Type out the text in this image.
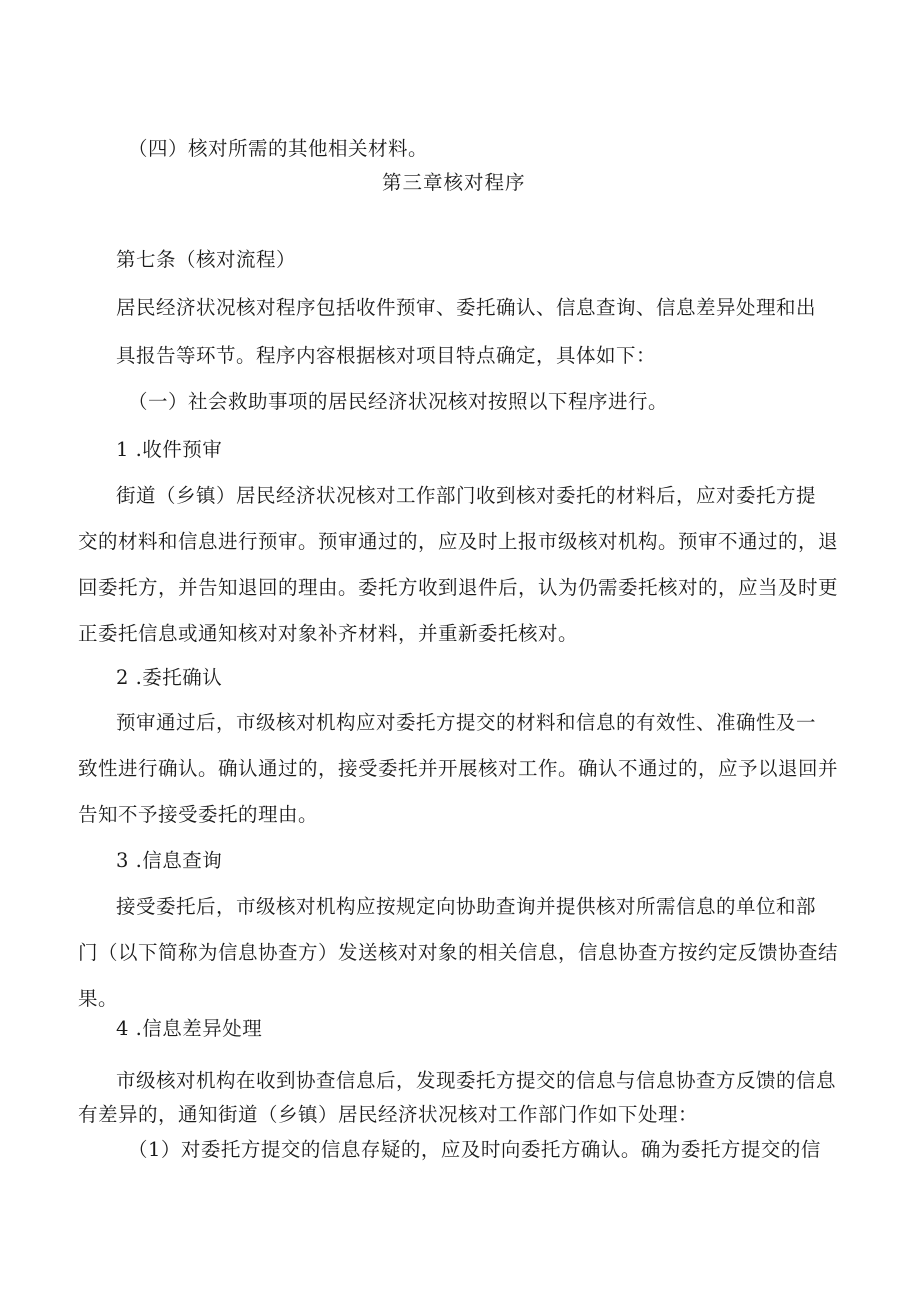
（四）核对所需的其他相关材料。
第三章核对程序
第七条（核对流程）
居民经济状况核对程序包括收件预审、委托确认、信息查询、信息差异处理和出
具报告等环节。程序内容根据核对项目特点确定，具体如下：
（一）社会救助事项的居民经济状况核对按照以下程序进行。
1 .收件预审
街道（乡镇）居民经济状况核对工作部门收到核对委托的材料后，应对委托方提
交的材料和信息进行预审。预审通过的，应及时上报市级核对机构。预审不通过的，退
回委托方，并告知退回的理由。委托方收到退件后，认为仍需委托核对的，应当及时更
正委托信息或通知核对对象补齐材料，并重新委托核对。
2 .委托确认
预审通过后，市级核对机构应对委托方提交的材料和信息的有效性、准确性及一
致性进行确认。确认通过的，接受委托并开展核对工作。确认不通过的，应予以退回并
告知不予接受委托的理由。
3 .信息查询
接受委托后，市级核对机构应按规定向协助查询并提供核对所需信息的单位和部
门（以下简称为信息协查方）发送核对对象的相关信息，信息协查方按约定反馈协查结
果。
4 .信息差异处理
市级核对机构在收到协查信息后，发现委托方提交的信息与信息协查方反馈的信息
有差异的，通知街道（乡镇）居民经济状况核对工作部门作如下处理：
（1）对委托方提交的信息存疑的，应及时向委托方确认。确为委托方提交的信
